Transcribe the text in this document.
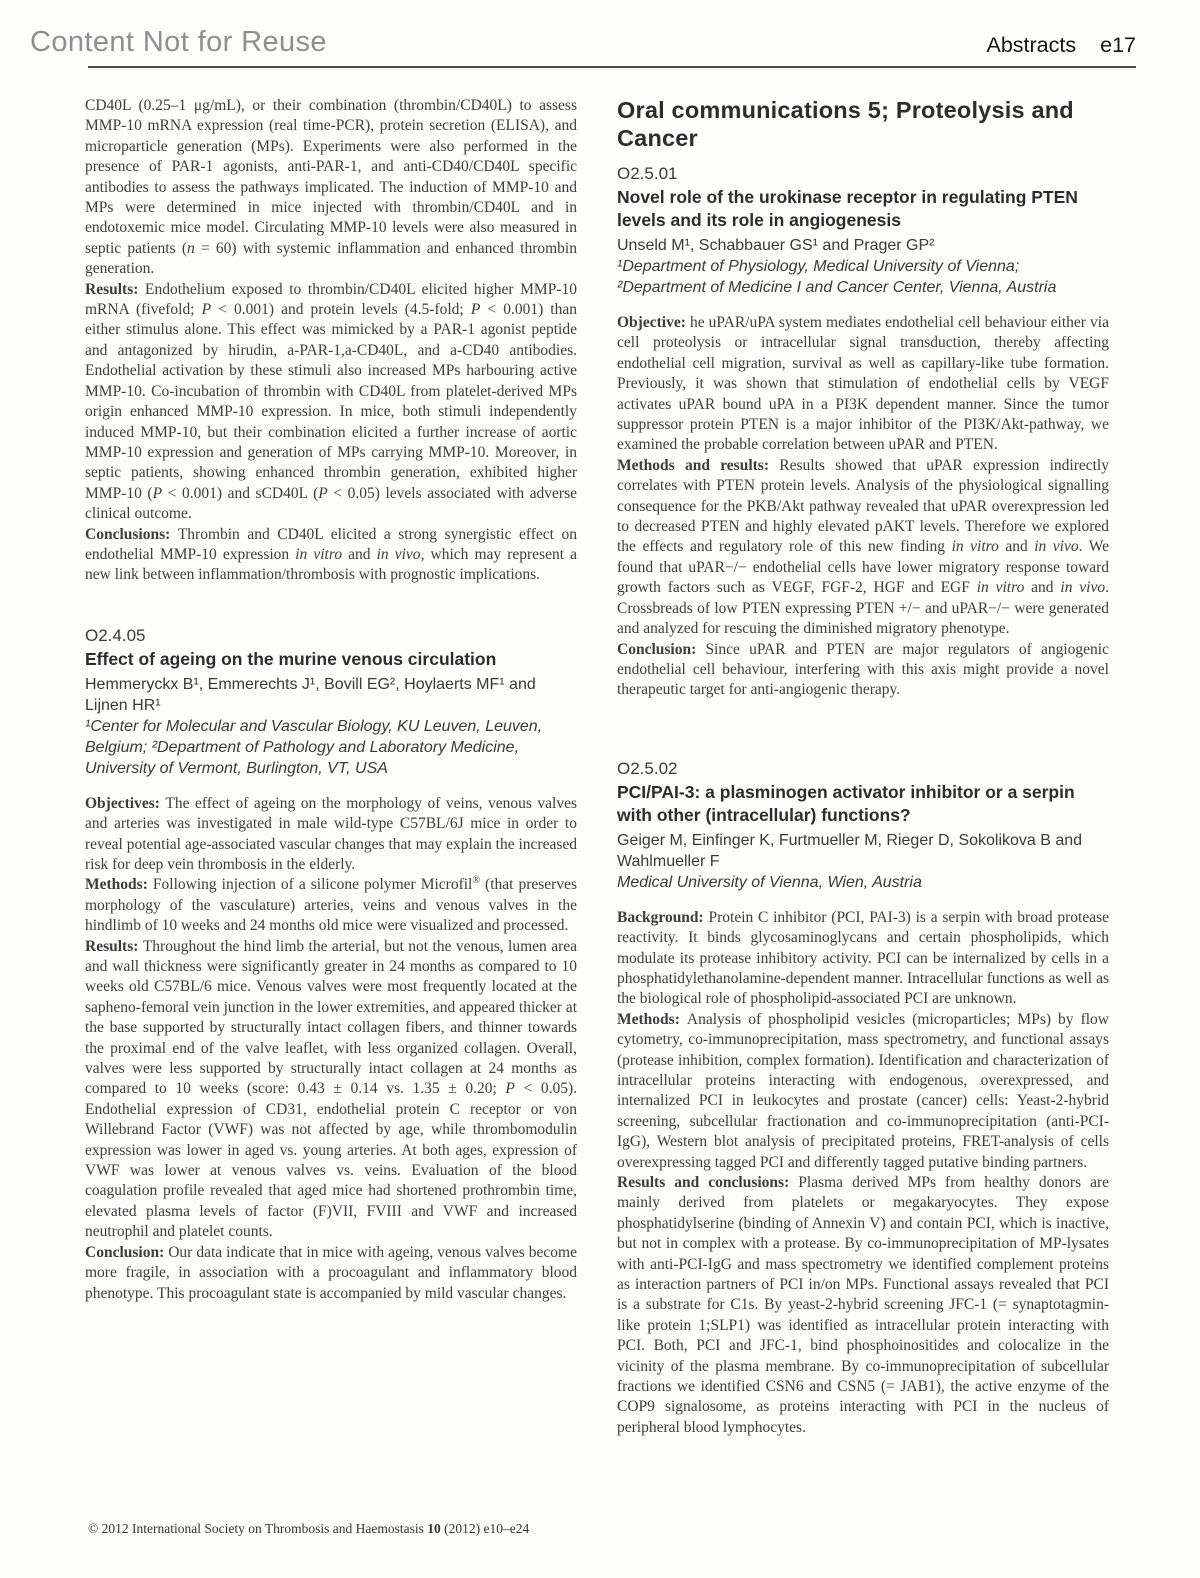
Content Not for Reuse	Abstracts e17

CD40L (0.25–1 μg/mL), or their combination (thrombin/CD40L) to assess MMP-10 mRNA expression (real time-PCR), protein secretion (ELISA), and microparticle generation (MPs). Experiments were also performed in the presence of PAR-1 agonists, anti-PAR-1, and anti-CD40/CD40L specific antibodies to assess the pathways implicated. The induction of MMP-10 and MPs were determined in mice injected with thrombin/CD40L and in endotoxemic mice model. Circulating MMP-10 levels were also measured in septic patients (n = 60) with systemic inflammation and enhanced thrombin generation.

Results: Endothelium exposed to thrombin/CD40L elicited higher MMP-10 mRNA (fivefold; P < 0.001) and protein levels (4.5-fold; P < 0.001) than either stimulus alone. This effect was mimicked by a PAR-1 agonist peptide and antagonized by hirudin, a-PAR-1,a-CD40L, and a-CD40 antibodies. Endothelial activation by these stimuli also increased MPs harbouring active MMP-10. Co-incubation of thrombin with CD40L from platelet-derived MPs origin enhanced MMP-10 expression. In mice, both stimuli independently induced MMP-10, but their combination elicited a further increase of aortic MMP-10 expression and generation of MPs carrying MMP-10. Moreover, in septic patients, showing enhanced thrombin generation, exhibited higher MMP-10 (P < 0.001) and sCD40L (P < 0.05) levels associated with adverse clinical outcome.

Conclusions: Thrombin and CD40L elicited a strong synergistic effect on endothelial MMP-10 expression in vitro and in vivo, which may represent a new link between inflammation/thrombosis with prognostic implications.

O2.4.05
Effect of ageing on the murine venous circulation
Hemmeryckx B¹, Emmerechts J¹, Bovill EG², Hoylaerts MF¹ and Lijnen HR¹
¹Center for Molecular and Vascular Biology, KU Leuven, Leuven, Belgium; ²Department of Pathology and Laboratory Medicine, University of Vermont, Burlington, VT, USA

Objectives: The effect of ageing on the morphology of veins, venous valves and arteries was investigated in male wild-type C57BL/6J mice in order to reveal potential age-associated vascular changes that may explain the increased risk for deep vein thrombosis in the elderly.

Methods: Following injection of a silicone polymer Microfil® (that preserves morphology of the vasculature) arteries, veins and venous valves in the hindlimb of 10 weeks and 24 months old mice were visualized and processed.

Results: Throughout the hind limb the arterial, but not the venous, lumen area and wall thickness were significantly greater in 24 months as compared to 10 weeks old C57BL/6 mice. Venous valves were most frequently located at the sapheno-femoral vein junction in the lower extremities, and appeared thicker at the base supported by structurally intact collagen fibers, and thinner towards the proximal end of the valve leaflet, with less organized collagen. Overall, valves were less supported by structurally intact collagen at 24 months as compared to 10 weeks (score: 0.43 ± 0.14 vs. 1.35 ± 0.20; P < 0.05). Endothelial expression of CD31, endothelial protein C receptor or von Willebrand Factor (VWF) was not affected by age, while thrombomodulin expression was lower in aged vs. young arteries. At both ages, expression of VWF was lower at venous valves vs. veins. Evaluation of the blood coagulation profile revealed that aged mice had shortened prothrombin time, elevated plasma levels of factor (F)VII, FVIII and VWF and increased neutrophil and platelet counts.

Conclusion: Our data indicate that in mice with ageing, venous valves become more fragile, in association with a procoagulant and inflammatory blood phenotype. This procoagulant state is accompanied by mild vascular changes.

Oral communications 5; Proteolysis and Cancer
O2.5.01
Novel role of the urokinase receptor in regulating PTEN levels and its role in angiogenesis
Unseld M¹, Schabbauer GS¹ and Prager GP²
¹Department of Physiology, Medical University of Vienna; ²Department of Medicine I and Cancer Center, Vienna, Austria

Objective: he uPAR/uPA system mediates endothelial cell behaviour either via cell proteolysis or intracellular signal transduction, thereby affecting endothelial cell migration, survival as well as capillary-like tube formation. Previously, it was shown that stimulation of endothelial cells by VEGF activates uPAR bound uPA in a PI3K dependent manner. Since the tumor suppressor protein PTEN is a major inhibitor of the PI3K/Akt-pathway, we examined the probable correlation between uPAR and PTEN.

Methods and results: Results showed that uPAR expression indirectly correlates with PTEN protein levels. Analysis of the physiological signalling consequence for the PKB/Akt pathway revealed that uPAR overexpression led to decreased PTEN and highly elevated pAKT levels. Therefore we explored the effects and regulatory role of this new finding in vitro and in vivo. We found that uPAR−/− endothelial cells have lower migratory response toward growth factors such as VEGF, FGF-2, HGF and EGF in vitro and in vivo. Crossbreads of low PTEN expressing PTEN +/− and uPAR−/− were generated and analyzed for rescuing the diminished migratory phenotype.

Conclusion: Since uPAR and PTEN are major regulators of angiogenic endothelial cell behaviour, interfering with this axis might provide a novel therapeutic target for anti-angiogenic therapy.

O2.5.02
PCI/PAI-3: a plasminogen activator inhibitor or a serpin with other (intracellular) functions?
Geiger M, Einfinger K, Furtmueller M, Rieger D, Sokolikova B and Wahlmueller F
Medical University of Vienna, Wien, Austria

Background: Protein C inhibitor (PCI, PAI-3) is a serpin with broad protease reactivity. It binds glycosaminoglycans and certain phospholipids, which modulate its protease inhibitory activity. PCI can be internalized by cells in a phosphatidylethanolamine-dependent manner. Intracellular functions as well as the biological role of phospholipid-associated PCI are unknown.

Methods: Analysis of phospholipid vesicles (microparticles; MPs) by flow cytometry, co-immunoprecipitation, mass spectrometry, and functional assays (protease inhibition, complex formation). Identification and characterization of intracellular proteins interacting with endogenous, overexpressed, and internalized PCI in leukocytes and prostate (cancer) cells: Yeast-2-hybrid screening, subcellular fractionation and co-immunoprecipitation (anti-PCI-IgG), Western blot analysis of precipitated proteins, FRET-analysis of cells overexpressing tagged PCI and differently tagged putative binding partners.

Results and conclusions: Plasma derived MPs from healthy donors are mainly derived from platelets or megakaryocytes. They expose phosphatidylserine (binding of Annexin V) and contain PCI, which is inactive, but not in complex with a protease. By co-immunoprecipitation of MP-lysates with anti-PCI-IgG and mass spectrometry we identified complement proteins as interaction partners of PCI in/on MPs. Functional assays revealed that PCI is a substrate for C1s. By yeast-2-hybrid screening JFC-1 (= synaptotagmin-like protein 1;SLP1) was identified as intracellular protein interacting with PCI. Both, PCI and JFC-1, bind phosphoinositides and colocalize in the vicinity of the plasma membrane. By co-immunoprecipitation of subcellular fractions we identified CSN6 and CSN5 (= JAB1), the active enzyme of the COP9 signalosome, as proteins interacting with PCI in the nucleus of peripheral blood lymphocytes.

© 2012 International Society on Thrombosis and Haemostasis 10 (2012) e10–e24
